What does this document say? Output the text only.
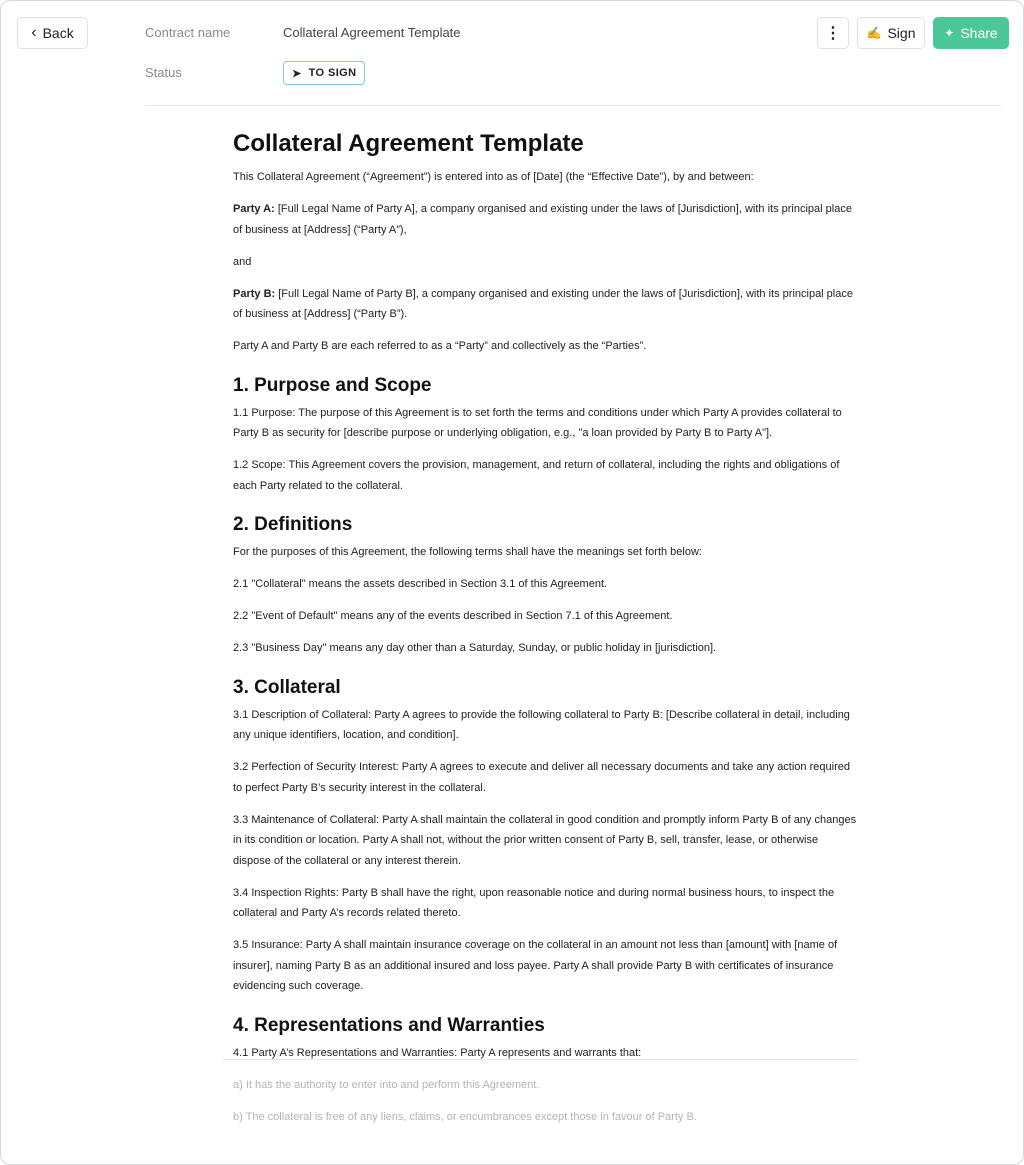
‹ Back	Contract name	Collateral Agreement Template
Status	➤ TO SIGN
⋮ ✍ Sign ✦ Share
Collateral Agreement Template

This Collateral Agreement (“Agreement”) is entered into as of [Date] (the “Effective Date”), by and between:

Party A: [Full Legal Name of Party A], a company organised and existing under the laws of [Jurisdiction], with its principal place of business at [Address] (“Party A”),

and

Party B: [Full Legal Name of Party B], a company organised and existing under the laws of [Jurisdiction], with its principal place of business at [Address] (“Party B”).

Party A and Party B are each referred to as a “Party” and collectively as the “Parties”.

1. Purpose and Scope

1.1 Purpose: The purpose of this Agreement is to set forth the terms and conditions under which Party A provides collateral to Party B as security for [describe purpose or underlying obligation, e.g., "a loan provided by Party B to Party A"].

1.2 Scope: This Agreement covers the provision, management, and return of collateral, including the rights and obligations of each Party related to the collateral.

2. Definitions

For the purposes of this Agreement, the following terms shall have the meanings set forth below:

2.1 "Collateral" means the assets described in Section 3.1 of this Agreement.

2.2 "Event of Default" means any of the events described in Section 7.1 of this Agreement.

2.3 "Business Day" means any day other than a Saturday, Sunday, or public holiday in [jurisdiction].

3. Collateral

3.1 Description of Collateral: Party A agrees to provide the following collateral to Party B: [Describe collateral in detail, including any unique identifiers, location, and condition].

3.2 Perfection of Security Interest: Party A agrees to execute and deliver all necessary documents and take any action required to perfect Party B’s security interest in the collateral.

3.3 Maintenance of Collateral: Party A shall maintain the collateral in good condition and promptly inform Party B of any changes in its condition or location. Party A shall not, without the prior written consent of Party B, sell, transfer, lease, or otherwise dispose of the collateral or any interest therein.

3.4 Inspection Rights: Party B shall have the right, upon reasonable notice and during normal business hours, to inspect the collateral and Party A’s records related thereto.

3.5 Insurance: Party A shall maintain insurance coverage on the collateral in an amount not less than [amount] with [name of insurer], naming Party B as an additional insured and loss payee. Party A shall provide Party B with certificates of insurance evidencing such coverage.

4. Representations and Warranties

4.1 Party A’s Representations and Warranties: Party A represents and warrants that:

a) It has the authority to enter into and perform this Agreement.

b) The collateral is free of any liens, claims, or encumbrances except those in favour of Party B.
